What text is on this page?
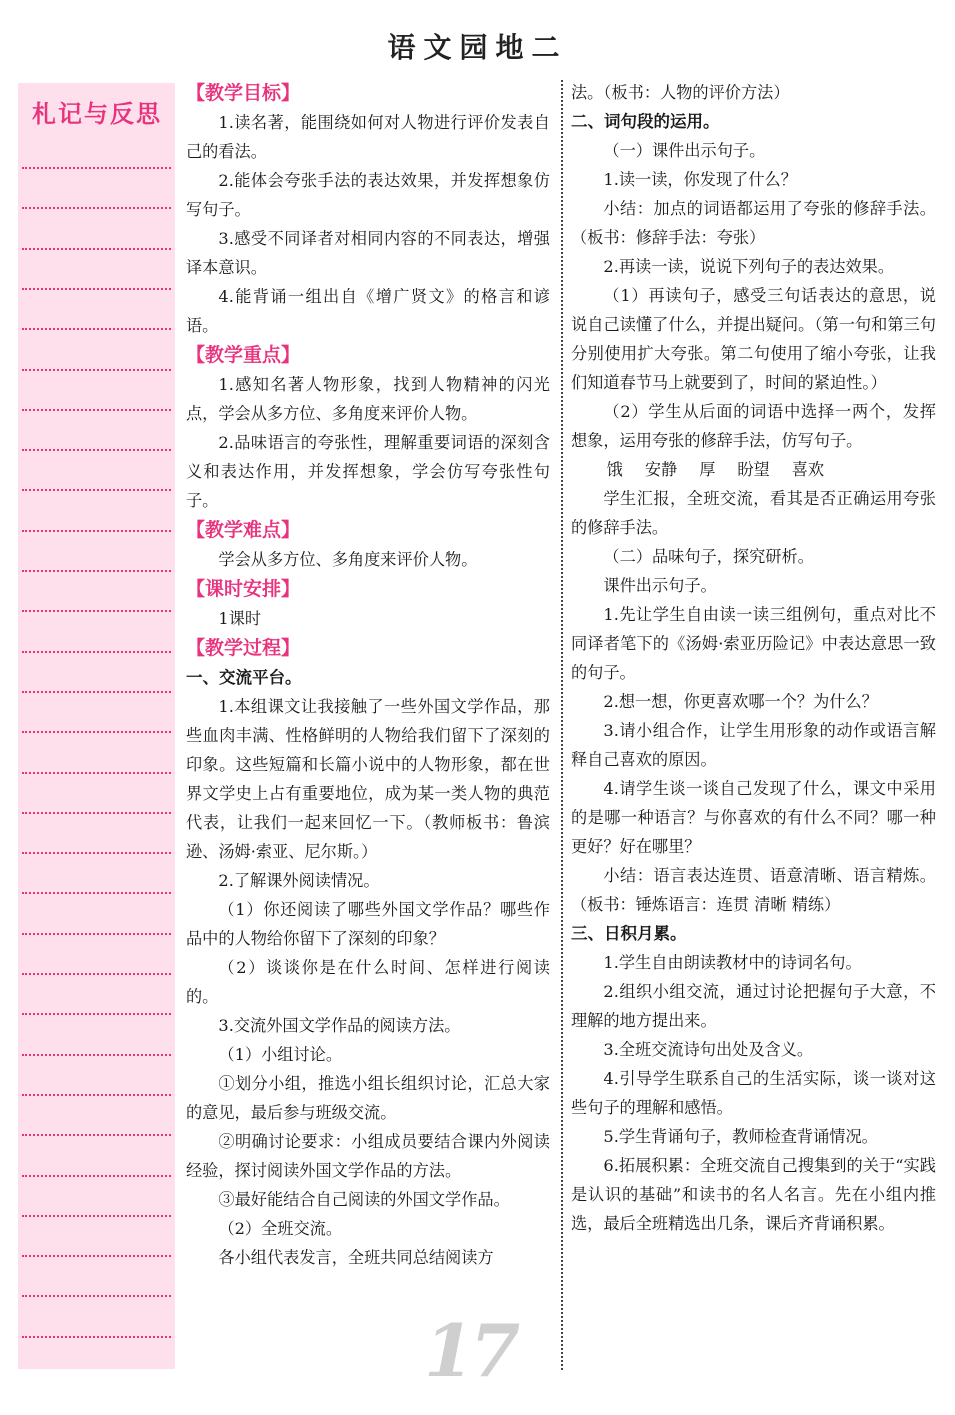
语文园地二
札记与反思
17

【教学目标】

1.读名著，能围绕如何对人物进行评价发表自己的看法。

2.能体会夸张手法的表达效果，并发挥想象仿写句子。

3.感受不同译者对相同内容的不同表达，增强译本意识。

4.能背诵一组出自《增广贤文》的格言和谚语。

【教学重点】

1.感知名著人物形象，找到人物精神的闪光点，学会从多方位、多角度来评价人物。

2.品味语言的夸张性，理解重要词语的深刻含义和表达作用，并发挥想象，学会仿写夸张性句子。

【教学难点】

学会从多方位、多角度来评价人物。

【课时安排】

1课时

【教学过程】

一、交流平台。

1.本组课文让我接触了一些外国文学作品，那些血肉丰满、性格鲜明的人物给我们留下了深刻的印象。这些短篇和长篇小说中的人物形象，都在世界文学史上占有重要地位，成为某一类人物的典范代表，让我们一起来回忆一下。（教师板书：鲁滨逊、汤姆·索亚、尼尔斯。）

2.了解课外阅读情况。

（1）你还阅读了哪些外国文学作品？哪些作品中的人物给你留下了深刻的印象？

（2）谈谈你是在什么时间、怎样进行阅读的。

3.交流外国文学作品的阅读方法。

（1）小组讨论。

①划分小组，推选小组长组织讨论，汇总大家的意见，最后参与班级交流。

②明确讨论要求：小组成员要结合课内外阅读经验，探讨阅读外国文学作品的方法。

③最好能结合自己阅读的外国文学作品。

（2）全班交流。

各小组代表发言，全班共同总结阅读方

法。（板书：人物的评价方法）

二、词句段的运用。

（一）课件出示句子。

1.读一读，你发现了什么？

小结：加点的词语都运用了夸张的修辞手法。（板书：修辞手法：夸张）

2.再读一读，说说下列句子的表达效果。

（1）再读句子，感受三句话表达的意思，说说自己读懂了什么，并提出疑问。（第一句和第三句分别使用扩大夸张。第二句使用了缩小夸张，让我们知道春节马上就要到了，时间的紧迫性。）

（2）学生从后面的词语中选择一两个，发挥想象，运用夸张的修辞手法，仿写句子。

饿 安静 厚 盼望 喜欢

学生汇报，全班交流，看其是否正确运用夸张的修辞手法。

（二）品味句子，探究研析。

课件出示句子。

1.先让学生自由读一读三组例句，重点对比不同译者笔下的《汤姆·索亚历险记》中表达意思一致的句子。

2.想一想，你更喜欢哪一个？为什么？

3.请小组合作，让学生用形象的动作或语言解释自己喜欢的原因。

4.请学生谈一谈自己发现了什么，课文中采用的是哪一种语言？与你喜欢的有什么不同？哪一种更好？好在哪里？

小结：语言表达连贯、语意清晰、语言精炼。（板书：锤炼语言：连贯 清晰 精练）

三、日积月累。

1.学生自由朗读教材中的诗词名句。

2.组织小组交流，通过讨论把握句子大意，不理解的地方提出来。

3.全班交流诗句出处及含义。

4.引导学生联系自己的生活实际，谈一谈对这些句子的理解和感悟。

5.学生背诵句子，教师检查背诵情况。

6.拓展积累：全班交流自己搜集到的关于“实践是认识的基础”和读书的名人名言。先在小组内推选，最后全班精选出几条，课后齐背诵积累。
